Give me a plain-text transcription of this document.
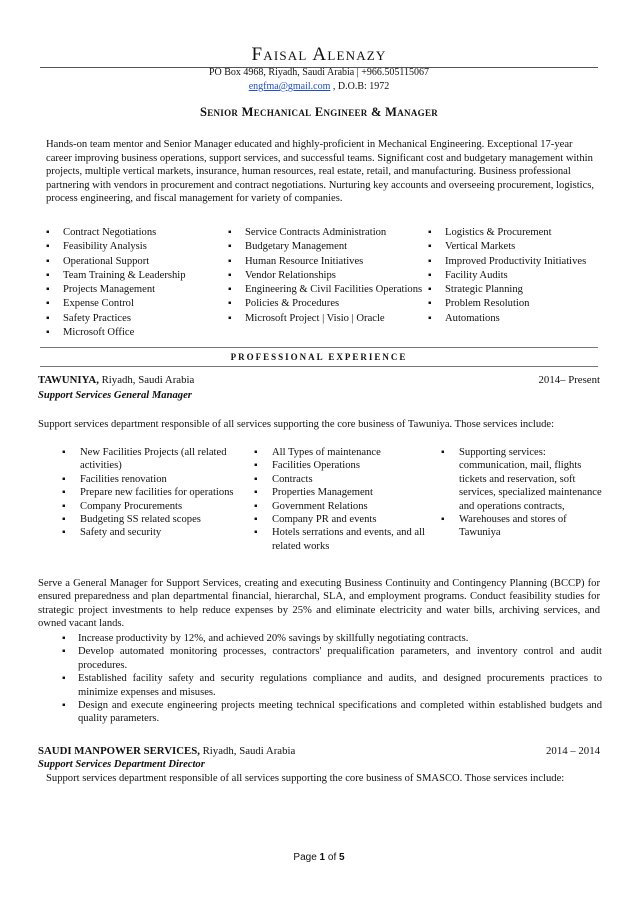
Faisal Alenazy
PO Box 4968, Riyadh, Saudi Arabia | +966.505115067
engfma@gmail.com , D.O.B: 1972
Senior Mechanical Engineer & Manager
Hands-on team mentor and Senior Manager educated and highly-proficient in Mechanical Engineering. Exceptional 17-year career improving business operations, support services, and successful teams. Significant cost and budgetary management within projects, multiple vertical markets, insurance, human resources, real estate, retail, and manufacturing. Business professional partnering with vendors in procurement and contract negotiations. Nurturing key accounts and overseeing procurement, logistics, process engineering, and fiscal management for variety of companies.
▪ Contract Negotiations
▪ Feasibility Analysis
▪ Operational Support
▪ Team Training & Leadership
▪ Projects Management
▪ Expense Control
▪ Safety Practices
▪ Microsoft Office
▪ Service Contracts Administration
▪ Budgetary Management
▪ Human Resource Initiatives
▪ Vendor Relationships
▪ Engineering & Civil Facilities Operations
▪ Policies & Procedures
▪ Microsoft Project | Visio | Oracle
▪ Logistics & Procurement
▪ Vertical Markets
▪ Improved Productivity Initiatives
▪ Facility Audits
▪ Strategic Planning
▪ Problem Resolution
▪ Automations
PROFESSIONAL EXPERIENCE
TAWUNIYA, Riyadh, Saudi Arabia	2014– Present
Support Services General Manager
Support services department responsible of all services supporting the core business of Tawuniya. Those services include:
▪ New Facilities Projects (all related activities)
▪ Facilities renovation
▪ Prepare new facilities for operations
▪ Company Procurements
▪ Budgeting SS related scopes
▪ Safety and security
▪ All Types of maintenance
▪ Facilities Operations
▪ Contracts
▪ Properties Management
▪ Government Relations
▪ Company PR and events
▪ Hotels serrations and events, and all related works
▪ Supporting services: communication, mail, flights tickets and reservation, soft services, specialized maintenance and operations contracts,
▪ Warehouses and stores of Tawuniya
Serve a General Manager for Support Services, creating and executing Business Continuity and Contingency Planning (BCCP) for ensured preparedness and plan departmental financial, hierarchal, SLA, and employment programs. Conduct feasibility studies for strategic project investments to help reduce expenses by 25% and eliminate electricity and water bills, archiving services, and owned vacant lands.
▪ Increase productivity by 12%, and achieved 20% savings by skillfully negotiating contracts.
▪ Develop automated monitoring processes, contractors' prequalification parameters, and inventory control and audit procedures.
▪ Established facility safety and security regulations compliance and audits, and designed procurements practices to minimize expenses and misuses.
▪ Design and execute engineering projects meeting technical specifications and completed within established budgets and quality parameters.
SAUDI MANPOWER SERVICES, Riyadh, Saudi Arabia	2014 – 2014
Support Services Department Director
Support services department responsible of all services supporting the core business of SMASCO. Those services include:
Page 1 of 5
